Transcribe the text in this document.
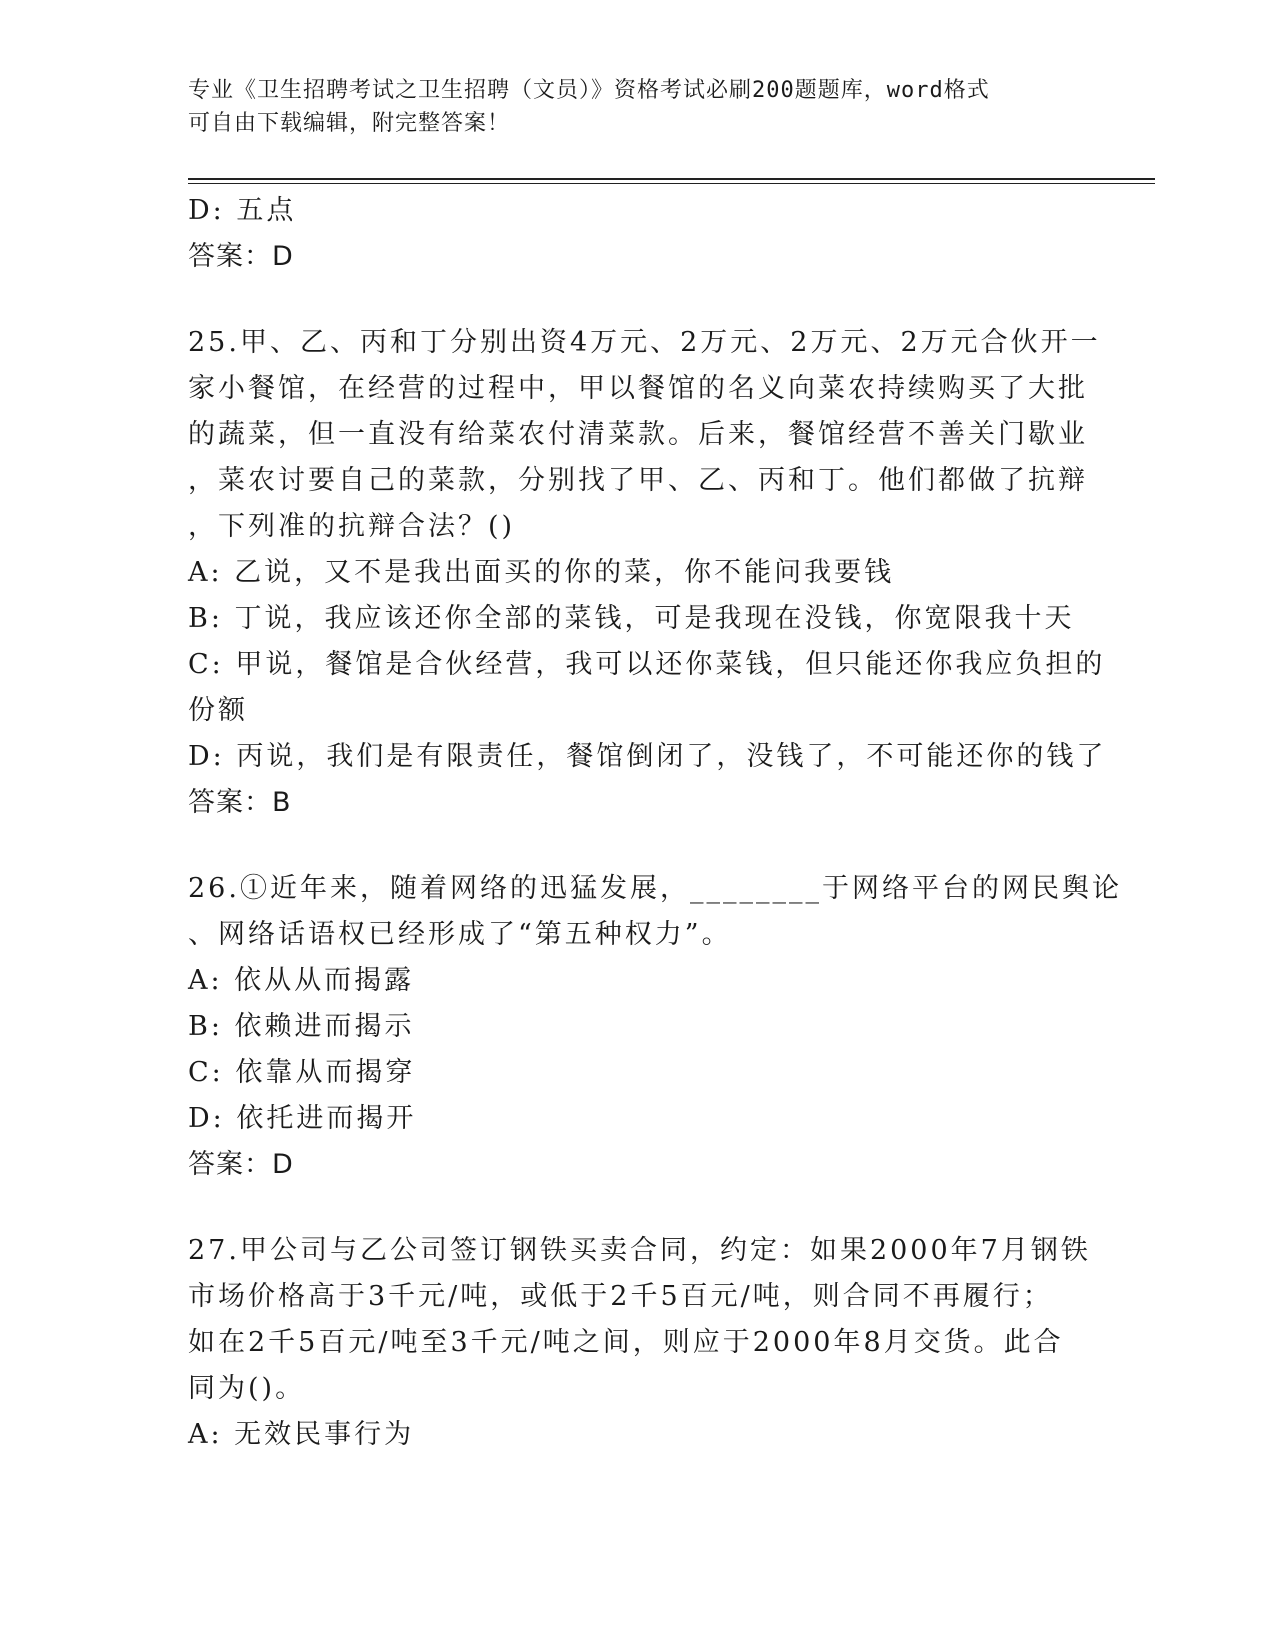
专业《卫生招聘考试之卫生招聘（文员）》资格考试必刷200题题库，word格式
可自由下载编辑，附完整答案！
D: 五点
答案：D
25.甲、乙、丙和丁分别出资4万元、2万元、2万元、2万元合伙开一
家小餐馆，在经营的过程中，甲以餐馆的名义向菜农持续购买了大批
的蔬菜，但一直没有给菜农付清菜款。后来，餐馆经营不善关门歇业
，菜农讨要自己的菜款，分别找了甲、乙、丙和丁。他们都做了抗辩
，下列准的抗辩合法？()
A: 乙说，又不是我出面买的你的菜，你不能问我要钱
B: 丁说，我应该还你全部的菜钱，可是我现在没钱，你宽限我十天
C: 甲说，餐馆是合伙经营，我可以还你菜钱，但只能还你我应负担的
份额
D: 丙说，我们是有限责任，餐馆倒闭了，没钱了，不可能还你的钱了
答案：B
26.①近年来，随着网络的迅猛发展，________于网络平台的网民舆论
、网络话语权已经形成了“第五种权力”。
A: 依从从而揭露
B: 依赖进而揭示
C: 依靠从而揭穿
D: 依托进而揭开
答案：D
27.甲公司与乙公司签订钢铁买卖合同，约定：如果2000年7月钢铁
市场价格高于3千元/吨，或低于2千5百元/吨，则合同不再履行；
如在2千5百元/吨至3千元/吨之间，则应于2000年8月交货。此合
同为()。
A: 无效民事行为
